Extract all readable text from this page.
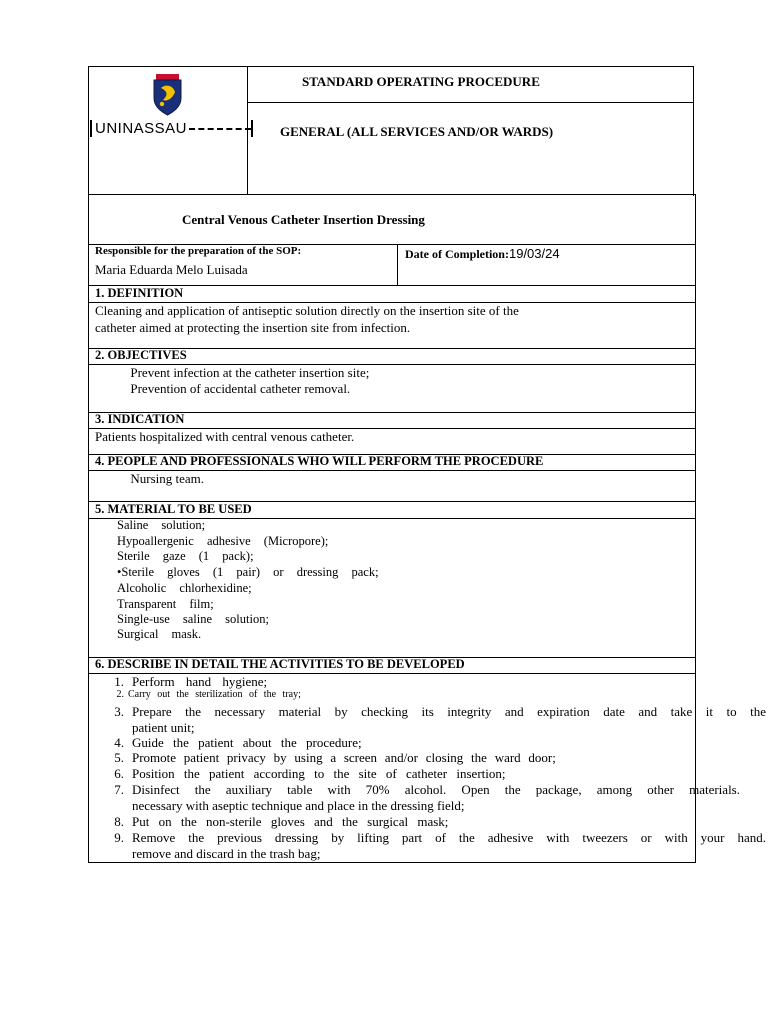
UNINASSAU
STANDARD OPERATING PROCEDURE
GENERAL (ALL SERVICES AND/OR WARDS)
Central Venous Catheter Insertion Dressing
Responsible for the preparation of the SOP:
Maria Eduarda Melo Luisada
Date of Completion:19/03/24
1. DEFINITION
Cleaning and application of antiseptic solution directly on the insertion site of the
catheter aimed at protecting the insertion site from infection.
2. OBJECTIVES
Prevent infection at the catheter insertion site;
Prevention of accidental catheter removal.
3. INDICATION
Patients hospitalized with central venous catheter.
4. PEOPLE AND PROFESSIONALS WHO WILL PERFORM THE PROCEDURE
Nursing team.
5. MATERIAL TO BE USED
Saline solution;
Hypoallergenic adhesive (Micropore);
Sterile gaze (1 pack);
•Sterile gloves (1 pair) or dressing pack;
Alcoholic chlorhexidine;
Transparent film;
Single-use saline solution;
Surgical mask.
6. DESCRIBE IN DETAIL THE ACTIVITIES TO BE DEVELOPED
1. Perform hand hygiene;
2. Carry out the sterilization of the tray;
3. Prepare the necessary material by checking its integrity and expiration date and take it to the
patient unit;
4. Guide the patient about the procedure;
5. Promote patient privacy by using a screen and/or closing the ward door;
6. Position the patient according to the site of catheter insertion;
7. Disinfect the auxiliary table with 70% alcohol. Open the package, among other materials.
necessary with aseptic technique and place in the dressing field;
8. Put on the non-sterile gloves and the surgical mask;
9. Remove the previous dressing by lifting part of the adhesive with tweezers or with your hand.
remove and discard in the trash bag;
